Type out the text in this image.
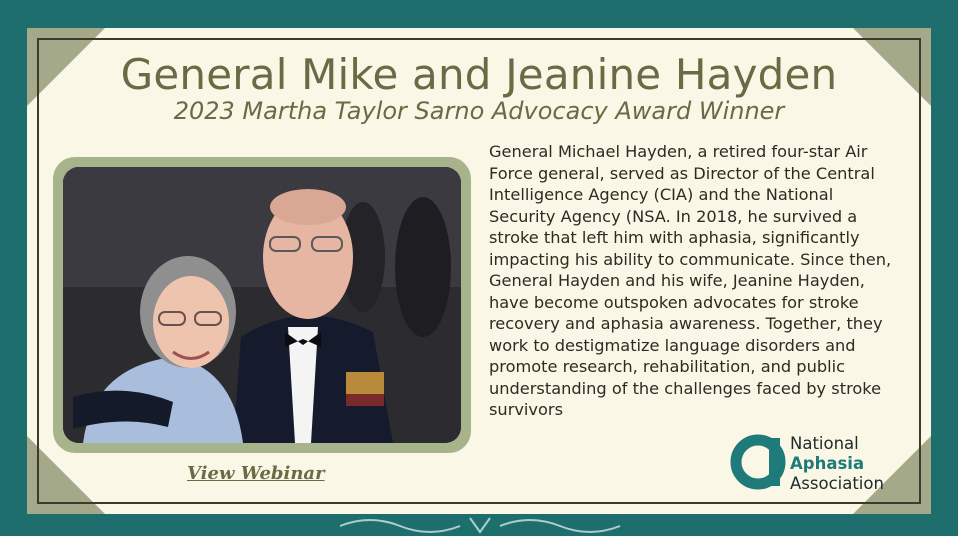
General Mike and Jeanine Hayden
2023 Martha Taylor Sarno Advocacy Award Winner
View Webinar

General Michael Hayden, a retired four-star Air Force general, served as Director of the Central Intelligence Agency (CIA) and the National Security Agency (NSA. In 2018, he survived a stroke that left him with aphasia, significantly impacting his ability to communicate. Since then, General Hayden and his wife, Jeanine Hayden, have become outspoken advocates for stroke recovery and aphasia awareness. Together, they work to destigmatize language disorders and promote research, rehabilitation, and public understanding of the challenges faced by stroke survivors

National
Aphasia
Association
